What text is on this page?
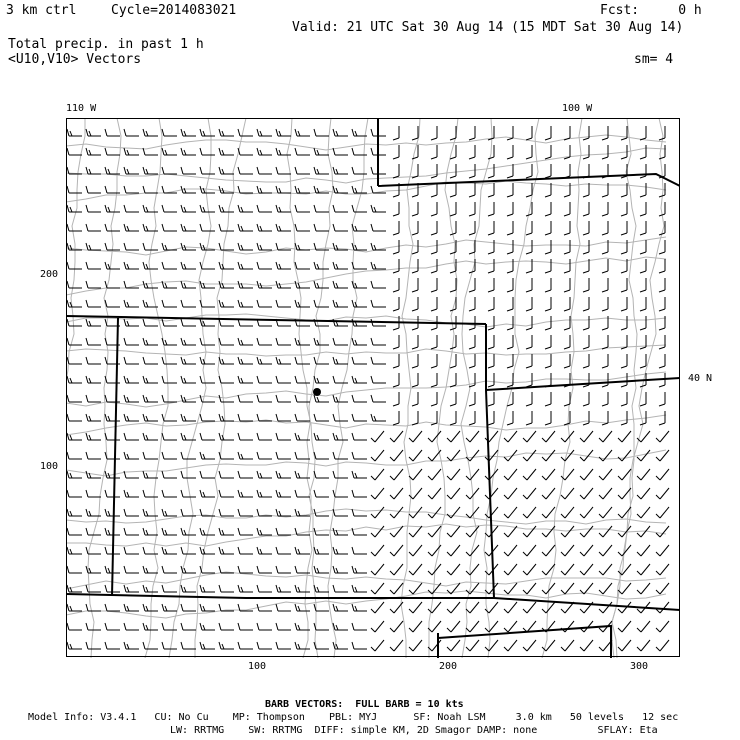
3 km ctrl	Cycle=2014083021	Fcst:     0 h
Valid: 21 UTC Sat 30 Aug 14 (15 MDT Sat 30 Aug 14)
Total precip. in past 1 h
<U10,V10> Vectors	sm= 4
110 W	100 W
40 N
200
100
100	200	300
BARB VECTORS:  FULL BARB = 10 kts
Model Info: V3.4.1   CU: No Cu    MP: Thompson    PBL: MYJ      SF: Noah LSM     3.0 km   50 levels   12 sec
LW: RRTMG    SW: RRTMG  DIFF: simple KM, 2D Smagor DAMP: none          SFLAY: Eta
